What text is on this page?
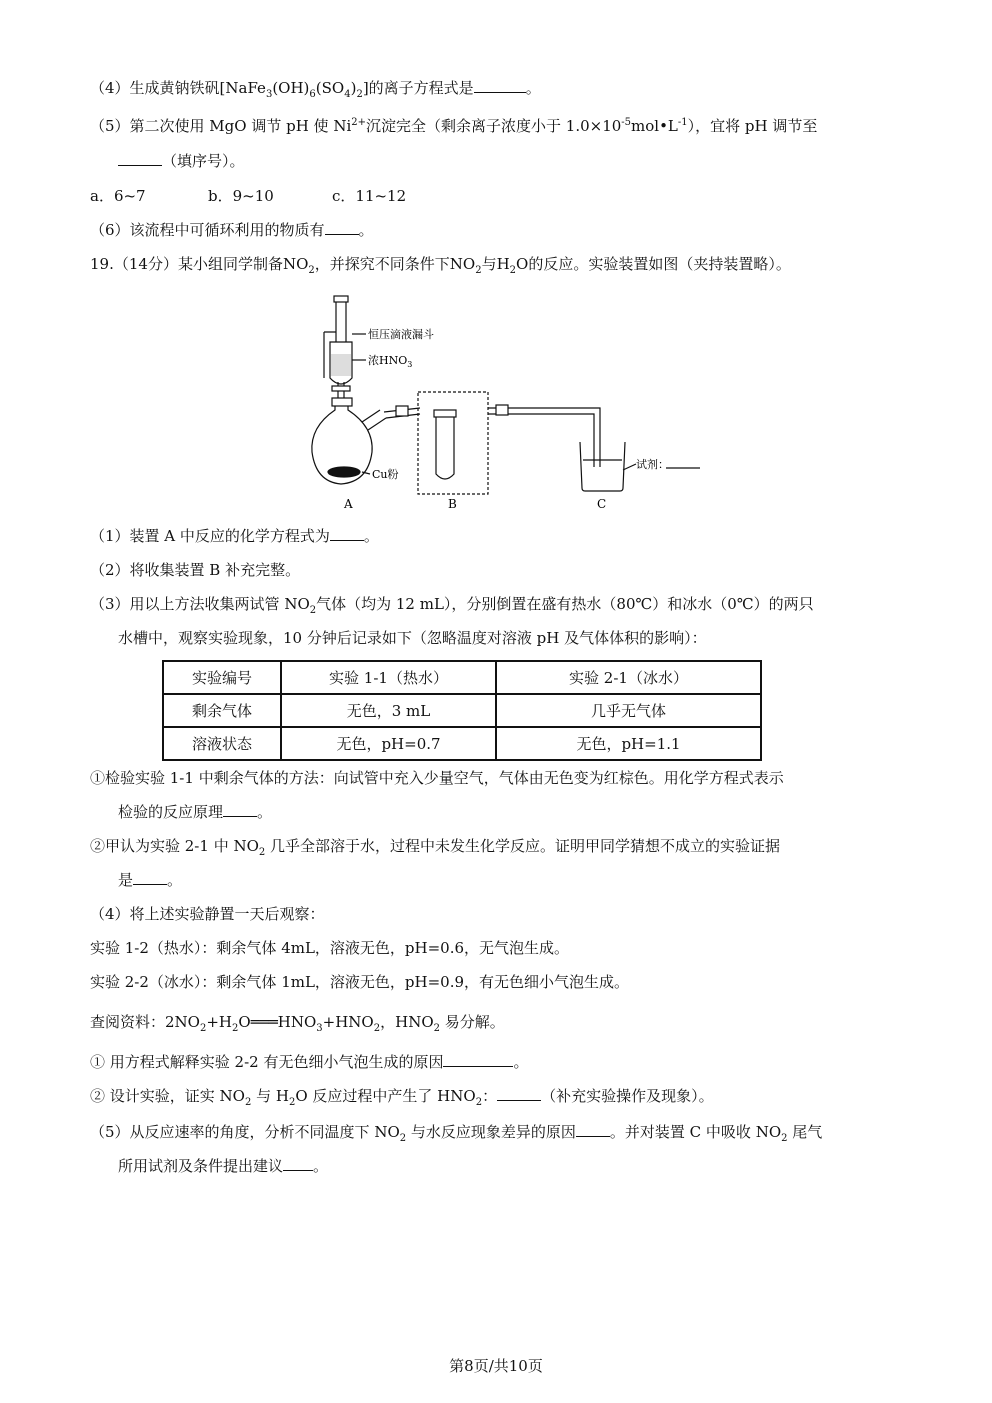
（4）生成黄钠铁矾$[NaFe_3(OH)_6(SO_4)_2]$的离子方程式是	。
（5）第二次使用 MgO 调节 pH 使 $Ni^{2+}$沉淀完全（剩余离子浓度小于 $1.0\times 10^{-5}mol•L^{-1}$），宜将 pH 调节至
（填序号）。
a．6~7	b．9~10	c．11~12
（6）该流程中可循环利用的物质有 。
19.（14分）某小组同学制备$NO_2$，并探究不同条件下$NO_2$与$H_2O$的反应。实验装置如图（夹持装置略）。
恒压滴液漏斗
浓$HNO_3$
Cu粉
试剂：
A	B	C
（1）装置 A 中反应的化学方程式为 。
（2）将收集装置 B 补充完整。
（3）用以上方法收集两试管 $NO_2$气体（均为 12 mL），分别倒置在盛有热水（80℃）和冰水（0℃）的两只
水槽中，观察实验现象，10 分钟后记录如下（忽略温度对溶液 pH 及气体体积的影响）：
实验编号	实验 1-1（热水）	实验 2-1（冰水）
剩余气体	无色，3 mL	几乎无气体
溶液状态	无色，pH=0.7	无色，pH=1.1
①检验实验 1-1 中剩余气体的方法：向试管中充入少量空气，气体由无色变为红棕色。用化学方程式表示
检验的反应原理 。
②甲认为实验 2-1 中 $NO_2$ 几乎全部溶于水，过程中未发生化学反应。证明甲同学猜想不成立的实验证据
是 。
（4）将上述实验静置一天后观察：
实验 1-2（热水）：剩余气体 4mL，溶液无色，pH=0.6，无气泡生成。
实验 2-2（冰水）：剩余气体 1mL，溶液无色，pH=0.9，有无色细小气泡生成。
查阅资料：$2NO_2+H_2O═══HNO_3+HNO_2$，$HNO_2$ 易分解。
① 用方程式解释实验 2-2 有无色细小气泡生成的原因	。
② 设计实验，证实 $NO_2$ 与 $H_2O$ 反应过程中产生了 $HNO_2$：	（补充实验操作及现象）。
（5）从反应速率的角度，分析不同温度下 $NO_2$ 与水反应现象差异的原因 。并对装置 C 中吸收 $NO_2$ 尾气
所用试剂及条件提出建议 。
第8页/共10页
